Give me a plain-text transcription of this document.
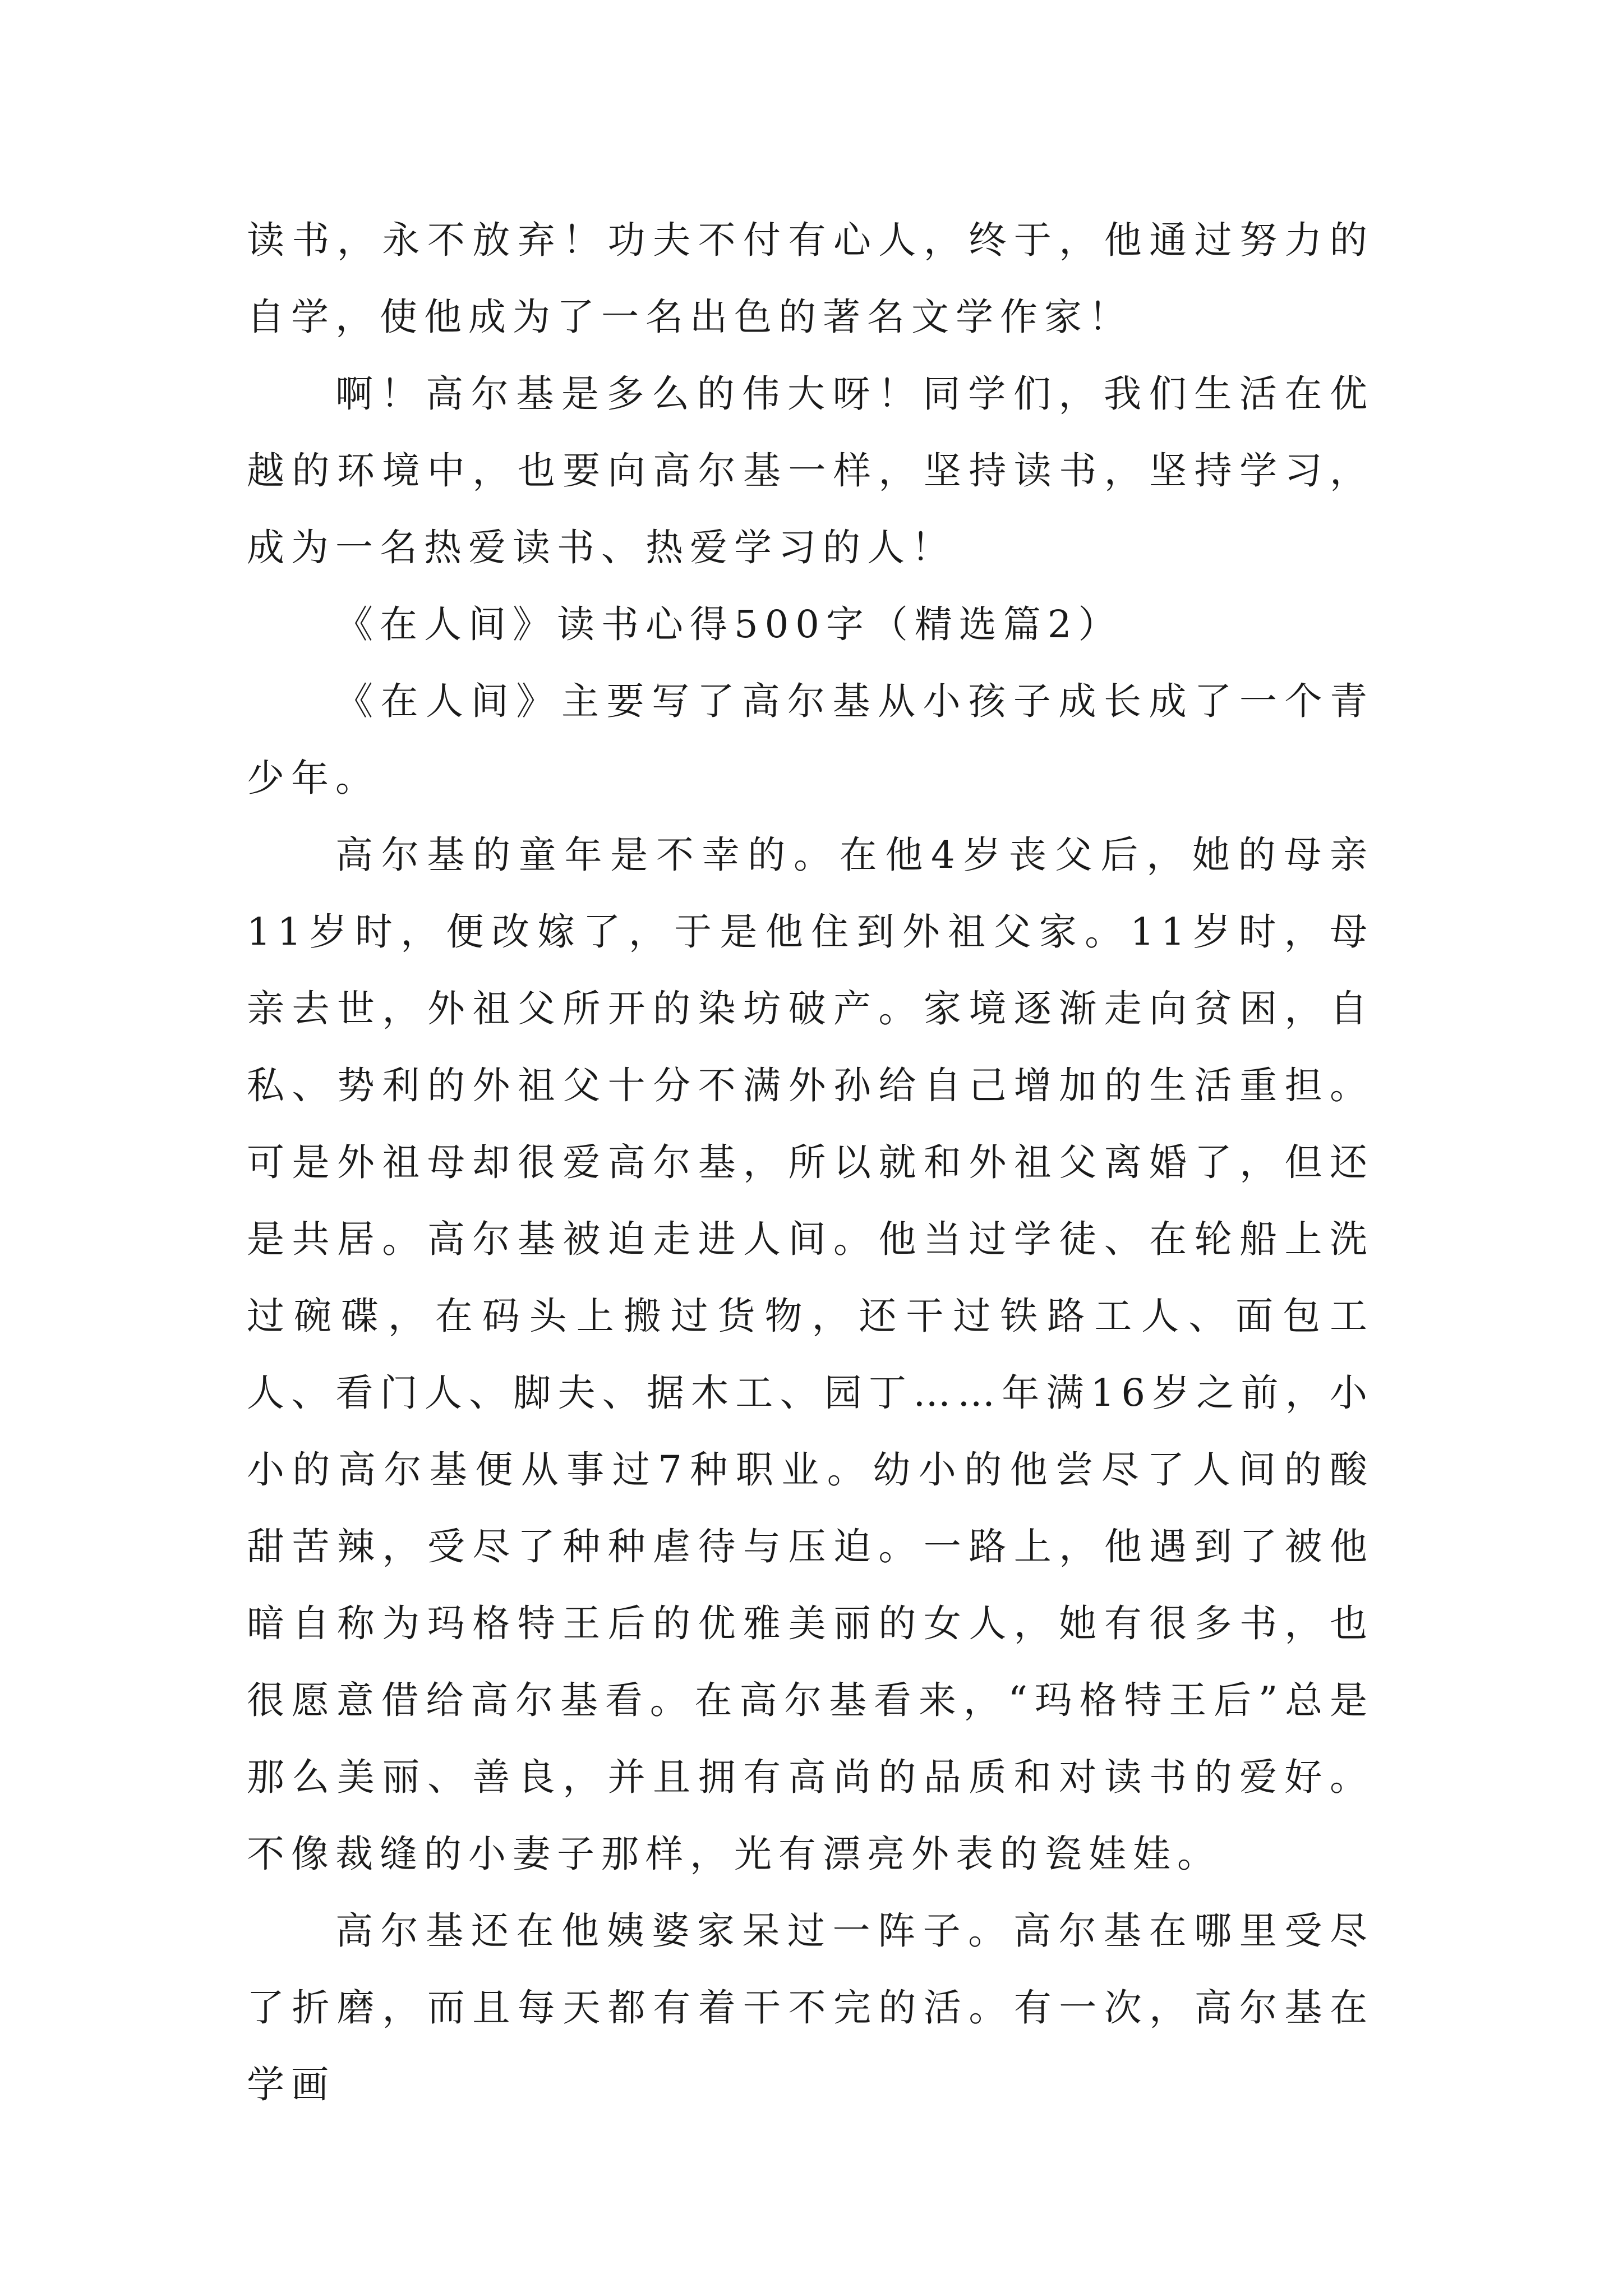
读书，永不放弃！功夫不付有心人，终于，他通过努力的自学，使他成为了一名出色的著名文学作家！

啊！高尔基是多么的伟大呀！同学们，我们生活在优越的环境中，也要向高尔基一样，坚持读书，坚持学习，成为一名热爱读书、热爱学习的人！

《在人间》读书心得500字（精选篇2）

《在人间》主要写了高尔基从小孩子成长成了一个青少年。

高尔基的童年是不幸的。在他4岁丧父后，她的母亲11岁时，便改嫁了，于是他住到外祖父家。11岁时，母亲去世，外祖父所开的染坊破产。家境逐渐走向贫困，自私、势利的外祖父十分不满外孙给自己增加的生活重担。可是外祖母却很爱高尔基，所以就和外祖父离婚了，但还是共居。高尔基被迫走进人间。他当过学徒、在轮船上洗过碗碟，在码头上搬过货物，还干过铁路工人、面包工人、看门人、脚夫、据木工、园丁……年满16岁之前，小小的高尔基便从事过7种职业。幼小的他尝尽了人间的酸甜苦辣，受尽了种种虐待与压迫。一路上，他遇到了被他暗自称为玛格特王后的优雅美丽的女人，她有很多书，也很愿意借给高尔基看。在高尔基看来，“玛格特王后”总是那么美丽、善良，并且拥有高尚的品质和对读书的爱好。不像裁缝的小妻子那样，光有漂亮外表的瓷娃娃。

高尔基还在他姨婆家呆过一阵子。高尔基在哪里受尽了折磨，而且每天都有着干不完的活。有一次，高尔基在学画
